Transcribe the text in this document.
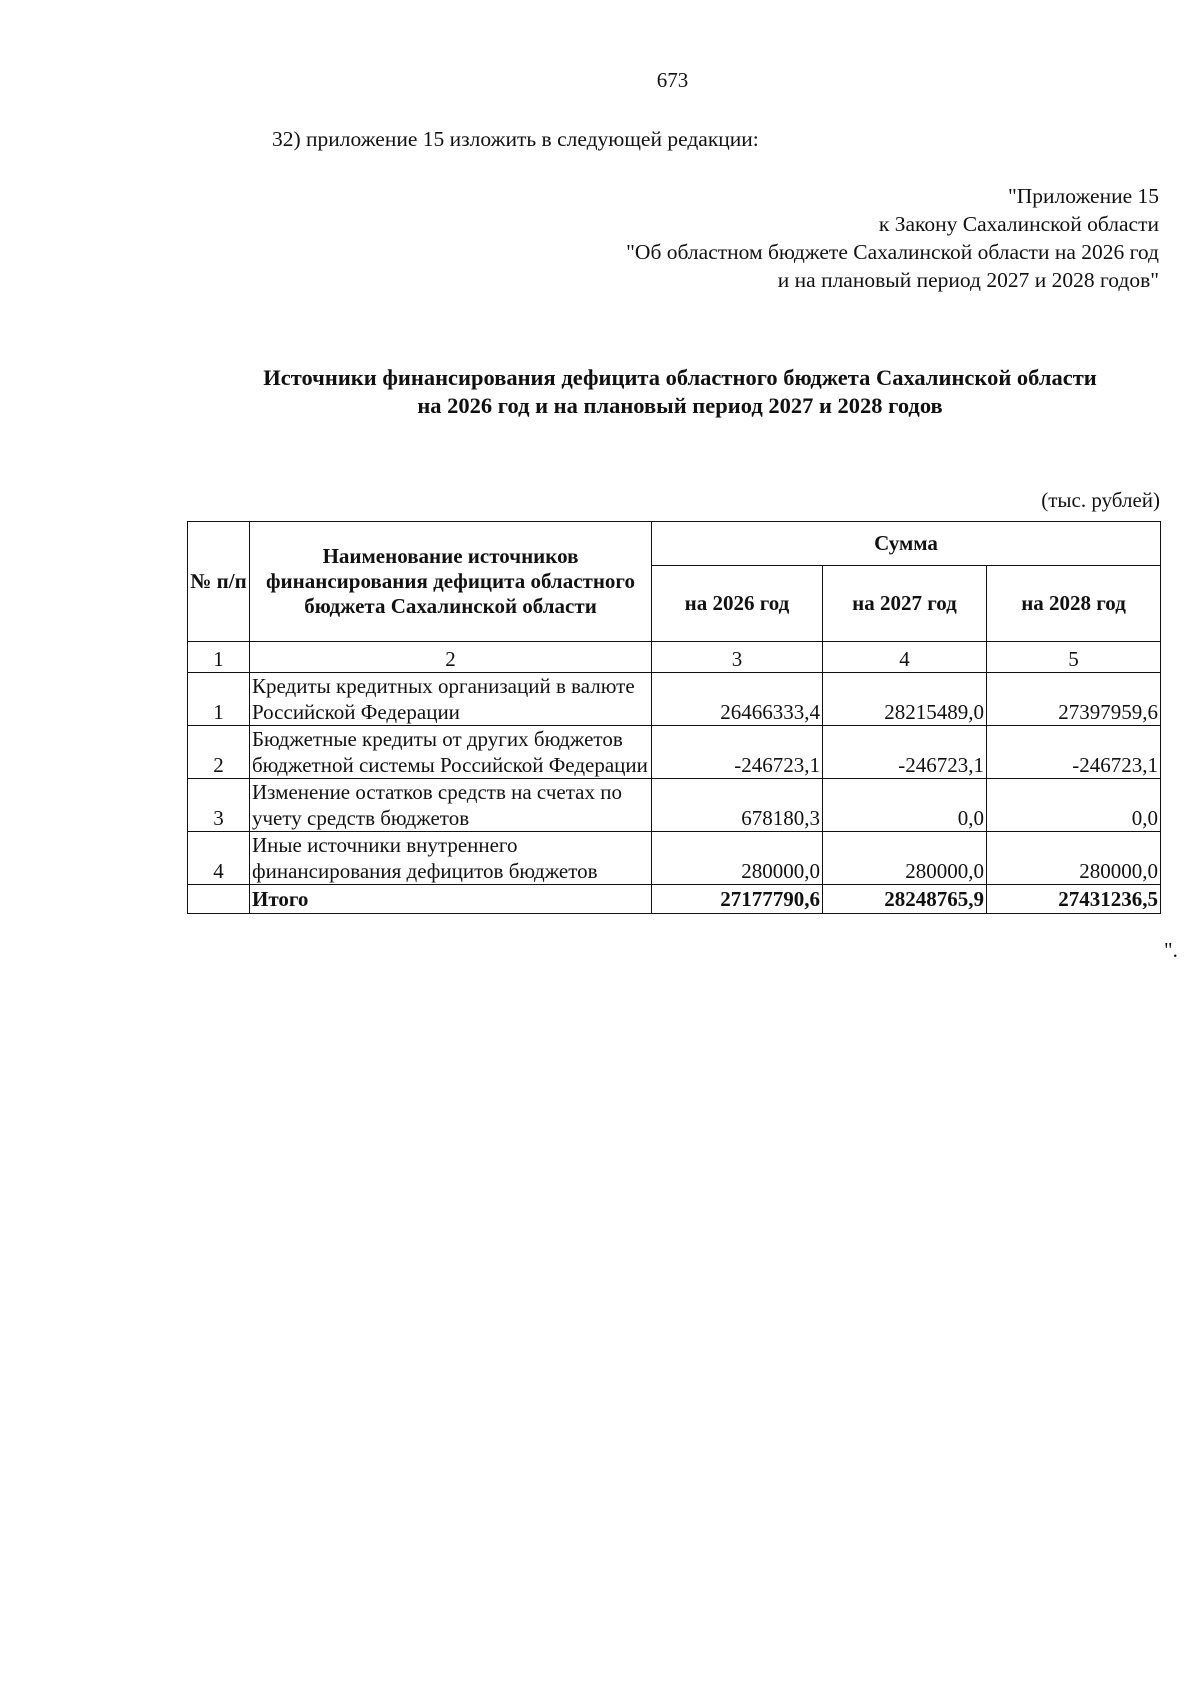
673
32) приложение 15 изложить в следующей редакции:
"Приложение 15
к Закону Сахалинской области
"Об областном бюджете Сахалинской области на 2026 год
и на плановый период 2027 и 2028 годов"
Источники финансирования дефицита областного бюджета Сахалинской области
на 2026 год и на плановый период 2027 и 2028 годов
(тыс. рублей)
№ п/п	Наименование источников финансирования дефицита областного бюджета Сахалинской области	Сумма		
		на 2026 год	на 2027 год	на 2028 год
1	2	3	4	5
1	Кредиты кредитных организаций в валюте Российской Федерации	26466333,4	28215489,0	27397959,6
2	Бюджетные кредиты от других бюджетов бюджетной системы Российской Федерации	-246723,1	-246723,1	-246723,1
3	Изменение остатков средств на счетах по учету средств бюджетов	678180,3	0,0	0,0
4	Иные источники внутреннего финансирования дефицитов бюджетов	280000,0	280000,0	280000,0
	Итого	27177790,6	28248765,9	27431236,5
".
